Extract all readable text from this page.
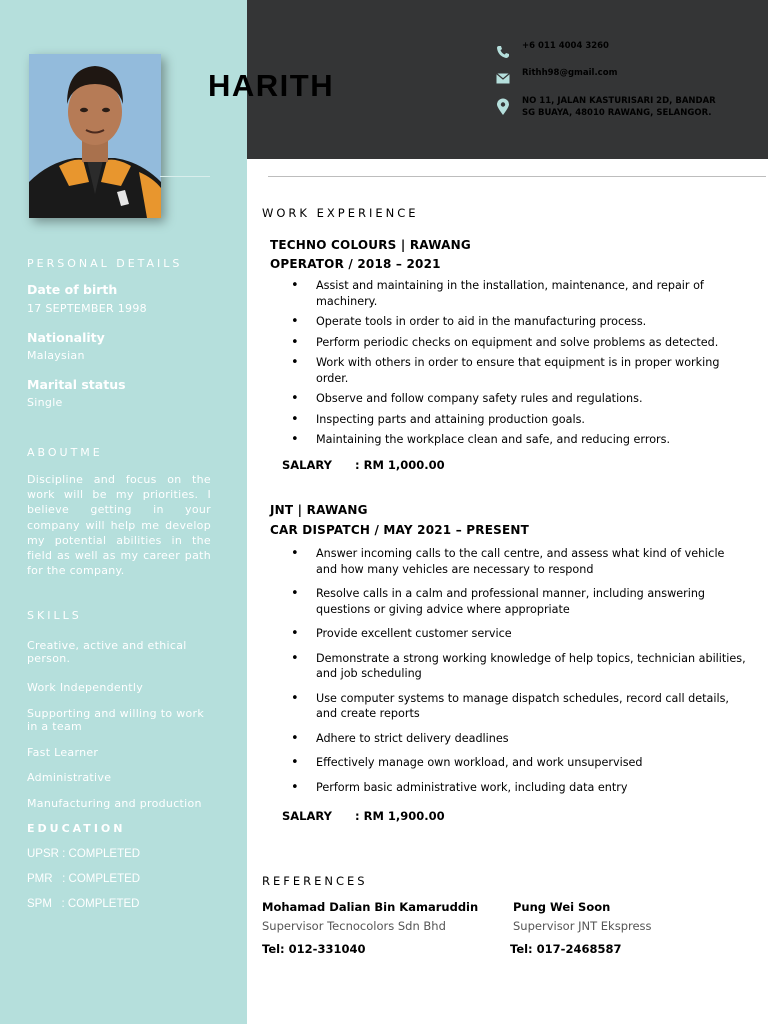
PERSONAL DETAILS
Date of birth
17 SEPTEMBER 1998
Nationality
Malaysian
Marital status
Single
ABOUTME
Discipline and focus on the work will be my priorities. I believe getting in your company will help me develop my potential abilities in the field as well as my career path for the company.
SKILLS
Creative, active and ethical person.
Work Independently
Supporting and willing to work in a team
Fast Learner
Administrative
Manufacturing and production
EDUCATION
UPSR : COMPLETED
PMR   : COMPLETED
SPM   : COMPLETED
HARITH
+6 011 4004 3260
Rithh98@gmail.com
NO 11, JALAN KASTURISARI 2D, BANDAR
SG BUAYA, 48010 RAWANG, SELANGOR.
WORK EXPERIENCE
TECHNO COLOURS | RAWANG
OPERATOR / 2018 – 2021
• Assist and maintaining in the installation, maintenance, and repair of machinery.
• Operate tools in order to aid in the manufacturing process.
• Perform periodic checks on equipment and solve problems as detected.
• Work with others in order to ensure that equipment is in proper working order.
• Observe and follow company safety rules and regulations.
• Inspecting parts and attaining production goals.
• Maintaining the workplace clean and safe, and reducing errors.
SALARY : RM 1,000.00
JNT | RAWANG
CAR DISPATCH / MAY 2021 – PRESENT
• Answer incoming calls to the call centre, and assess what kind of vehicle and how many vehicles are necessary to respond
• Resolve calls in a calm and professional manner, including answering questions or giving advice where appropriate
• Provide excellent customer service
• Demonstrate a strong working knowledge of help topics, technician abilities, and job scheduling
• Use computer systems to manage dispatch schedules, record call details, and create reports
• Adhere to strict delivery deadlines
• Effectively manage own workload, and work unsupervised
• Perform basic administrative work, including data entry
SALARY : RM 1,900.00
REFERENCES
Mohamad Dalian Bin Kamaruddin
Supervisor Tecnocolors Sdn Bhd
Tel: 012-331040
Pung Wei Soon
Supervisor JNT Ekspress
Tel: 017-2468587
